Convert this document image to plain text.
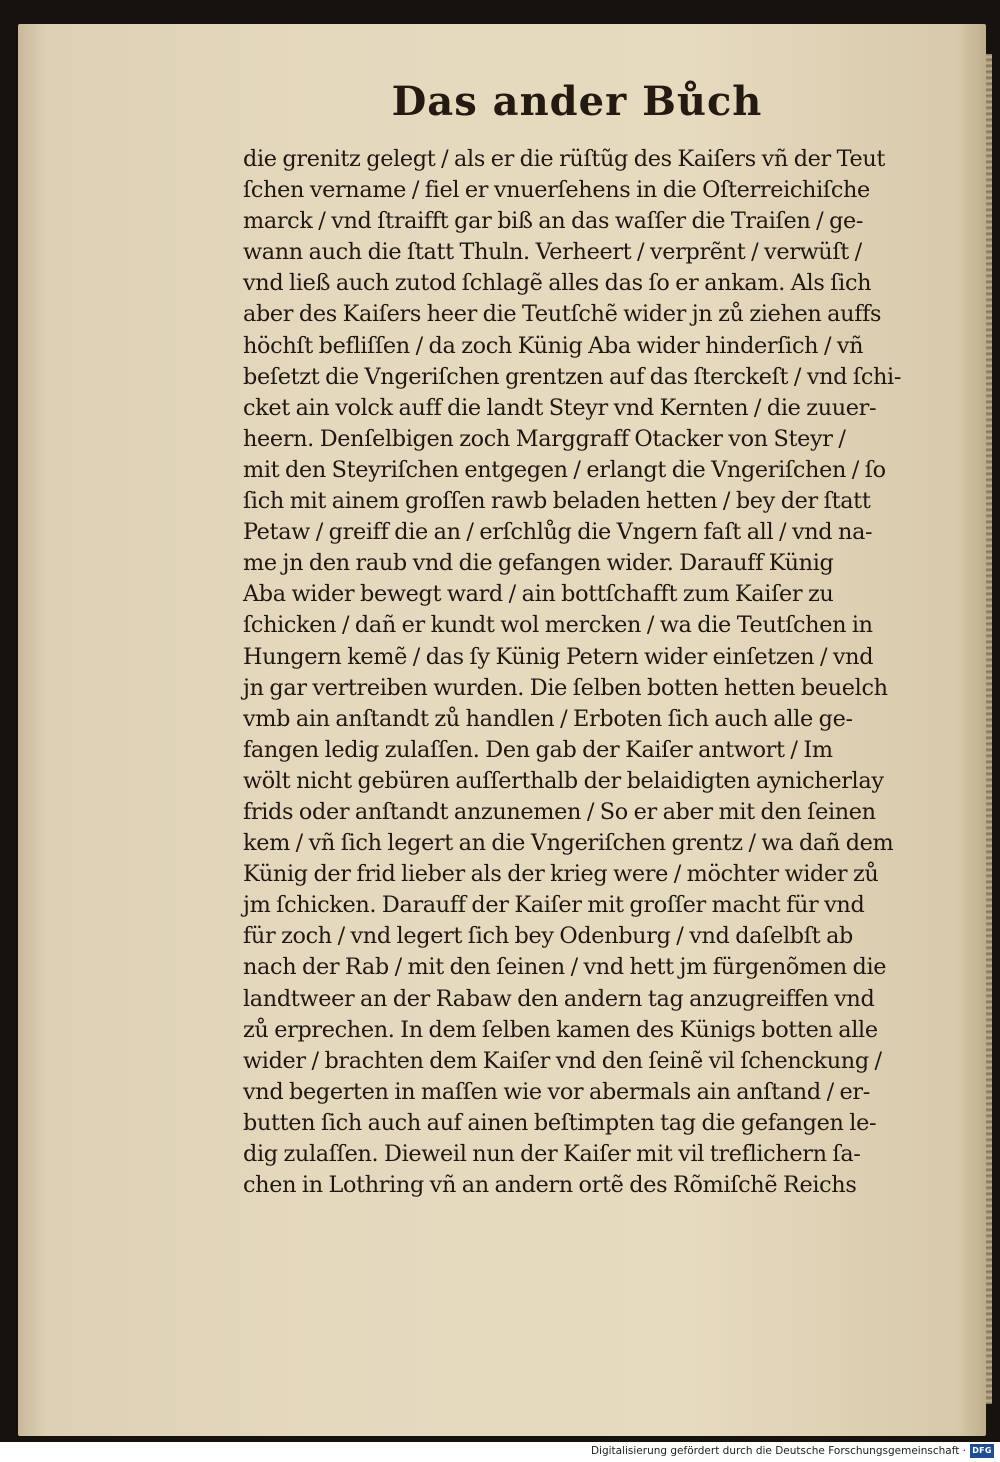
Das ander Bůch
die grenitz gelegt / als er die rüſtũg des Kaiſers vñ der Teut
ſchen vername / fiel er vnuerſehens in die Oſterreichiſche
marck / vnd ſtraifft gar biß an das waſſer die Traiſen / ge-
wann auch die ſtatt Thuln. Verheert / verprẽnt / verwüſt /
vnd ließ auch zutod ſchlagẽ alles das ſo er ankam. Als ſich
aber des Kaiſers heer die Teutſchẽ wider jn zů ziehen auffs
höchſt befliſſen / da zoch Künig Aba wider hinderſich / vñ
beſetzt die Vngeriſchen grentzen auf das ſterckeſt / vnd ſchi-
cket ain volck auff die landt Steyr vnd Kernten / die zuuer-
heern. Denſelbigen zoch Marggraff Otacker von Steyr /
mit den Steyriſchen entgegen / erlangt die Vngeriſchen / ſo
ſich mit ainem groſſen rawb beladen hetten / bey der ſtatt
Petaw / greiff die an / erſchlůg die Vngern faſt all / vnd na-
me jn den raub vnd die gefangen wider. Darauff Künig
Aba wider bewegt ward / ain bottſchafft zum Kaiſer zu
ſchicken / dañ er kundt wol mercken / wa die Teutſchen in
Hungern kemẽ / das ſy Künig Petern wider einſetzen / vnd
jn gar vertreiben wurden. Die ſelben botten hetten beuelch
vmb ain anſtandt zů handlen / Erboten ſich auch alle ge-
fangen ledig zulaſſen. Den gab der Kaiſer antwort / Im
wölt nicht gebüren auſſerthalb der belaidigten aynicherlay
frids oder anſtandt anzunemen / So er aber mit den ſeinen
kem / vñ ſich legert an die Vngeriſchen grentz / wa dañ dem
Künig der frid lieber als der krieg were / möchter wider zů
jm ſchicken. Darauff der Kaiſer mit groſſer macht für vnd
für zoch / vnd legert ſich bey Odenburg / vnd daſelbſt ab
nach der Rab / mit den ſeinen / vnd hett jm fürgenõmen die
landtweer an der Rabaw den andern tag anzugreiffen vnd
zů erprechen. In dem ſelben kamen des Künigs botten alle
wider / brachten dem Kaiſer vnd den ſeinẽ vil ſchenckung /
vnd begerten in maſſen wie vor abermals ain anſtand / er-
butten ſich auch auf ainen beſtimpten tag die gefangen le-
dig zulaſſen. Dieweil nun der Kaiſer mit vil treflichern ſa-
chen in Lothring vñ an andern ortẽ des Rõmiſchẽ Reichs
Digitalisierung gefördert durch die Deutsche Forschungsgemeinschaft · DFG
